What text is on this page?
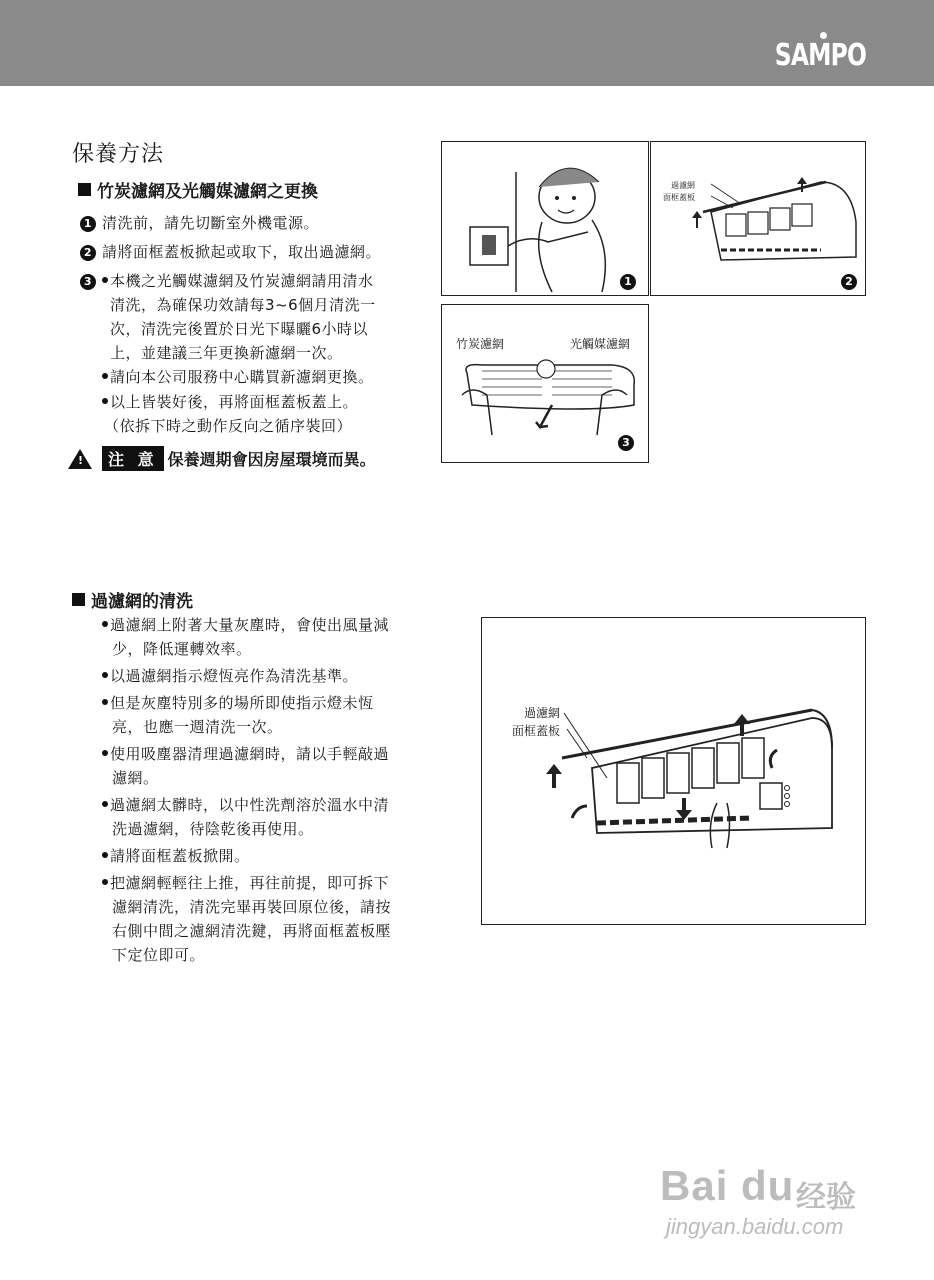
SAMPO
保養方法
竹炭濾網及光觸媒濾網之更換
1 清洗前，請先切斷室外機電源。
2 請將面框蓋板掀起或取下，取出過濾網。
3 本機之光觸媒濾網及竹炭濾網請用清水
清洗，為確保功效請每3~6個月清洗一
次，清洗完後置於日光下曝曬6小時以
上，並建議三年更換新濾網一次。
請向本公司服務中心購買新濾網更換。
以上皆裝好後，再將面框蓋板蓋上。
（依拆下時之動作反向之循序裝回）
!	注 意 保養週期會因房屋環境而異。
1
過濾網
面框蓋板
2
竹炭濾網	光觸媒濾網
3
過濾網的清洗
過濾網上附著大量灰塵時，會使出風量減
少，降低運轉效率。
以過濾網指示燈恆亮作為清洗基準。
但是灰塵特別多的場所即使指示燈未恆
亮，也應一週清洗一次。
使用吸塵器清理過濾網時，請以手輕敲過
濾網。
過濾網太髒時，以中性洗劑溶於溫水中清
洗過濾網，待陰乾後再使用。
請將面框蓋板掀開。
把濾網輕輕往上推，再往前提，即可拆下
濾網清洗，清洗完畢再裝回原位後，請按
右側中間之濾網清洗鍵，再將面框蓋板壓
下定位即可。
過濾網
面框蓋板
Bai du 经验
jingyan.baidu.com
